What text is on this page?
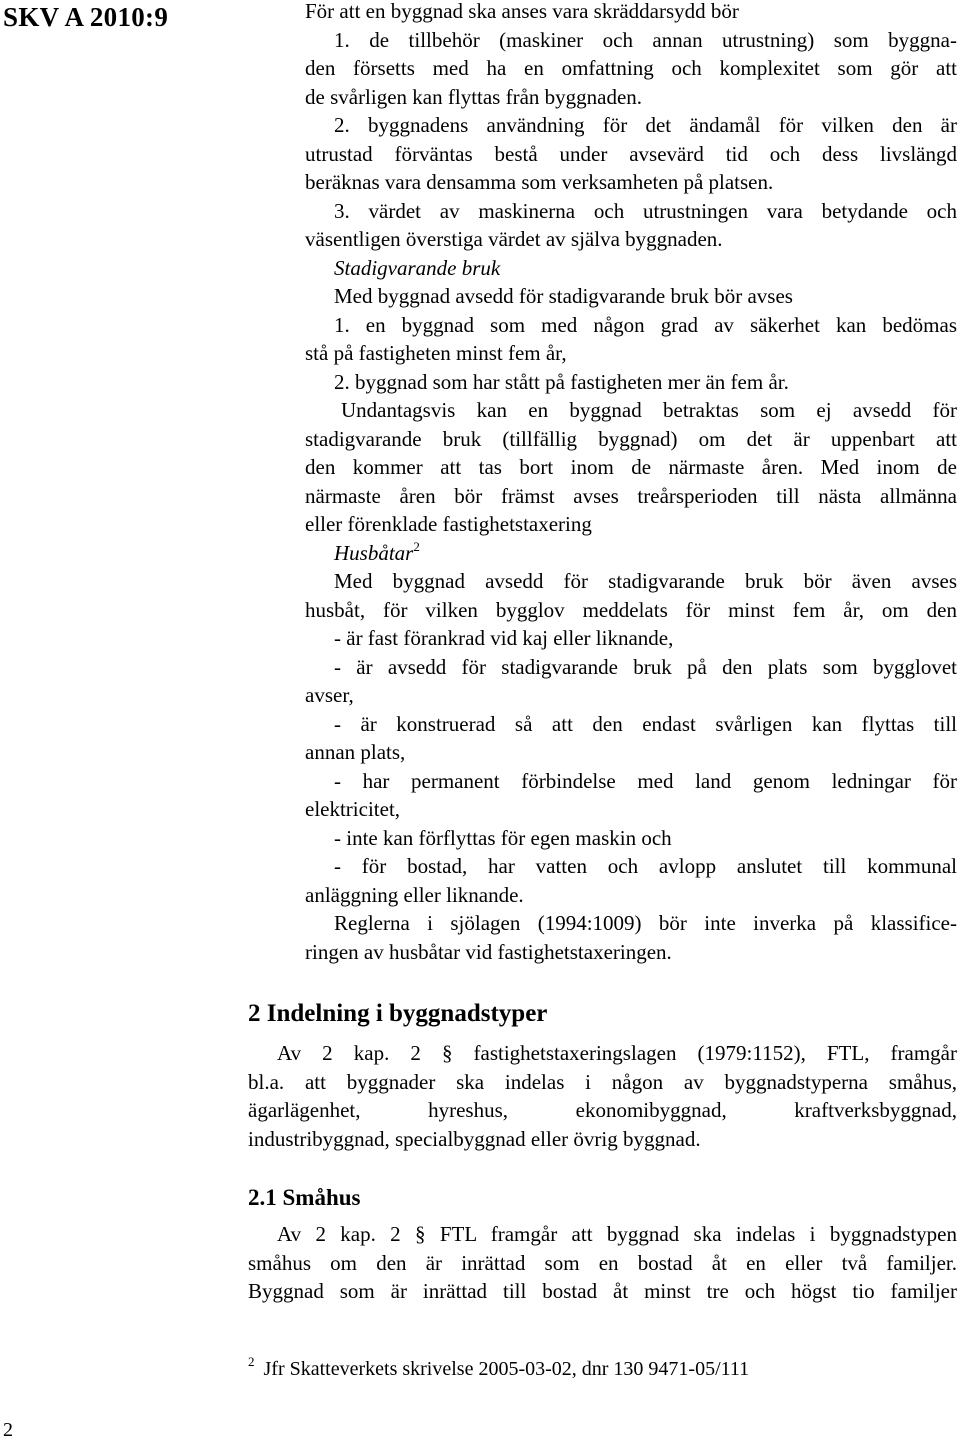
SKV A 2010:9	För att en byggnad ska anses vara skräddarsydd bör
1. de tillbehör (maskiner och annan utrustning) som byggna-
den försetts med ha en omfattning och komplexitet som gör att
de svårligen kan flyttas från byggnaden.
2. byggnadens användning för det ändamål för vilken den är
utrustad förväntas bestå under avsevärd tid och dess livslängd
beräknas vara densamma som verksamheten på platsen.
3. värdet av maskinerna och utrustningen vara betydande och
väsentligen överstiga värdet av själva byggnaden.
Stadigvarande bruk
Med byggnad avsedd för stadigvarande bruk bör avses
1. en byggnad som med någon grad av säkerhet kan bedömas
stå på fastigheten minst fem år,
2. byggnad som har stått på fastigheten mer än fem år.
Undantagsvis kan en byggnad betraktas som ej avsedd för
stadigvarande bruk (tillfällig byggnad) om det är uppenbart att
den kommer att tas bort inom de närmaste åren. Med inom de
närmaste åren bör främst avses treårsperioden till nästa allmänna
eller förenklade fastighetstaxering
Husbåtar$^2$
Med byggnad avsedd för stadigvarande bruk bör även avses
husbåt, för vilken bygglov meddelats för minst fem år, om den
- är fast förankrad vid kaj eller liknande,
- är avsedd för stadigvarande bruk på den plats som bygglovet
avser,
- är konstruerad så att den endast svårligen kan flyttas till
annan plats,
- har permanent förbindelse med land genom ledningar för
elektricitet,
- inte kan förflyttas för egen maskin och
- för bostad, har vatten och avlopp anslutet till kommunal
anläggning eller liknande.
Reglerna i sjölagen (1994:1009) bör inte inverka på klassifice-
ringen av husbåtar vid fastighetstaxeringen.
2 Indelning i byggnadstyper
Av 2 kap. 2 § fastighetstaxeringslagen (1979:1152), FTL, framgår
bl.a. att byggnader ska indelas i någon av byggnadstyperna småhus,
ägarlägenhet, hyreshus, ekonomibyggnad, kraftverksbyggnad,
industribyggnad, specialbyggnad eller övrig byggnad.
2.1 Småhus
Av 2 kap. 2 § FTL framgår att byggnad ska indelas i byggnadstypen
småhus om den är inrättad som en bostad åt en eller två familjer.
Byggnad som är inrättad till bostad åt minst tre och högst tio familjer
$^2$ Jfr Skatteverkets skrivelse 2005-03-02, dnr 130 9471-05/111
2
